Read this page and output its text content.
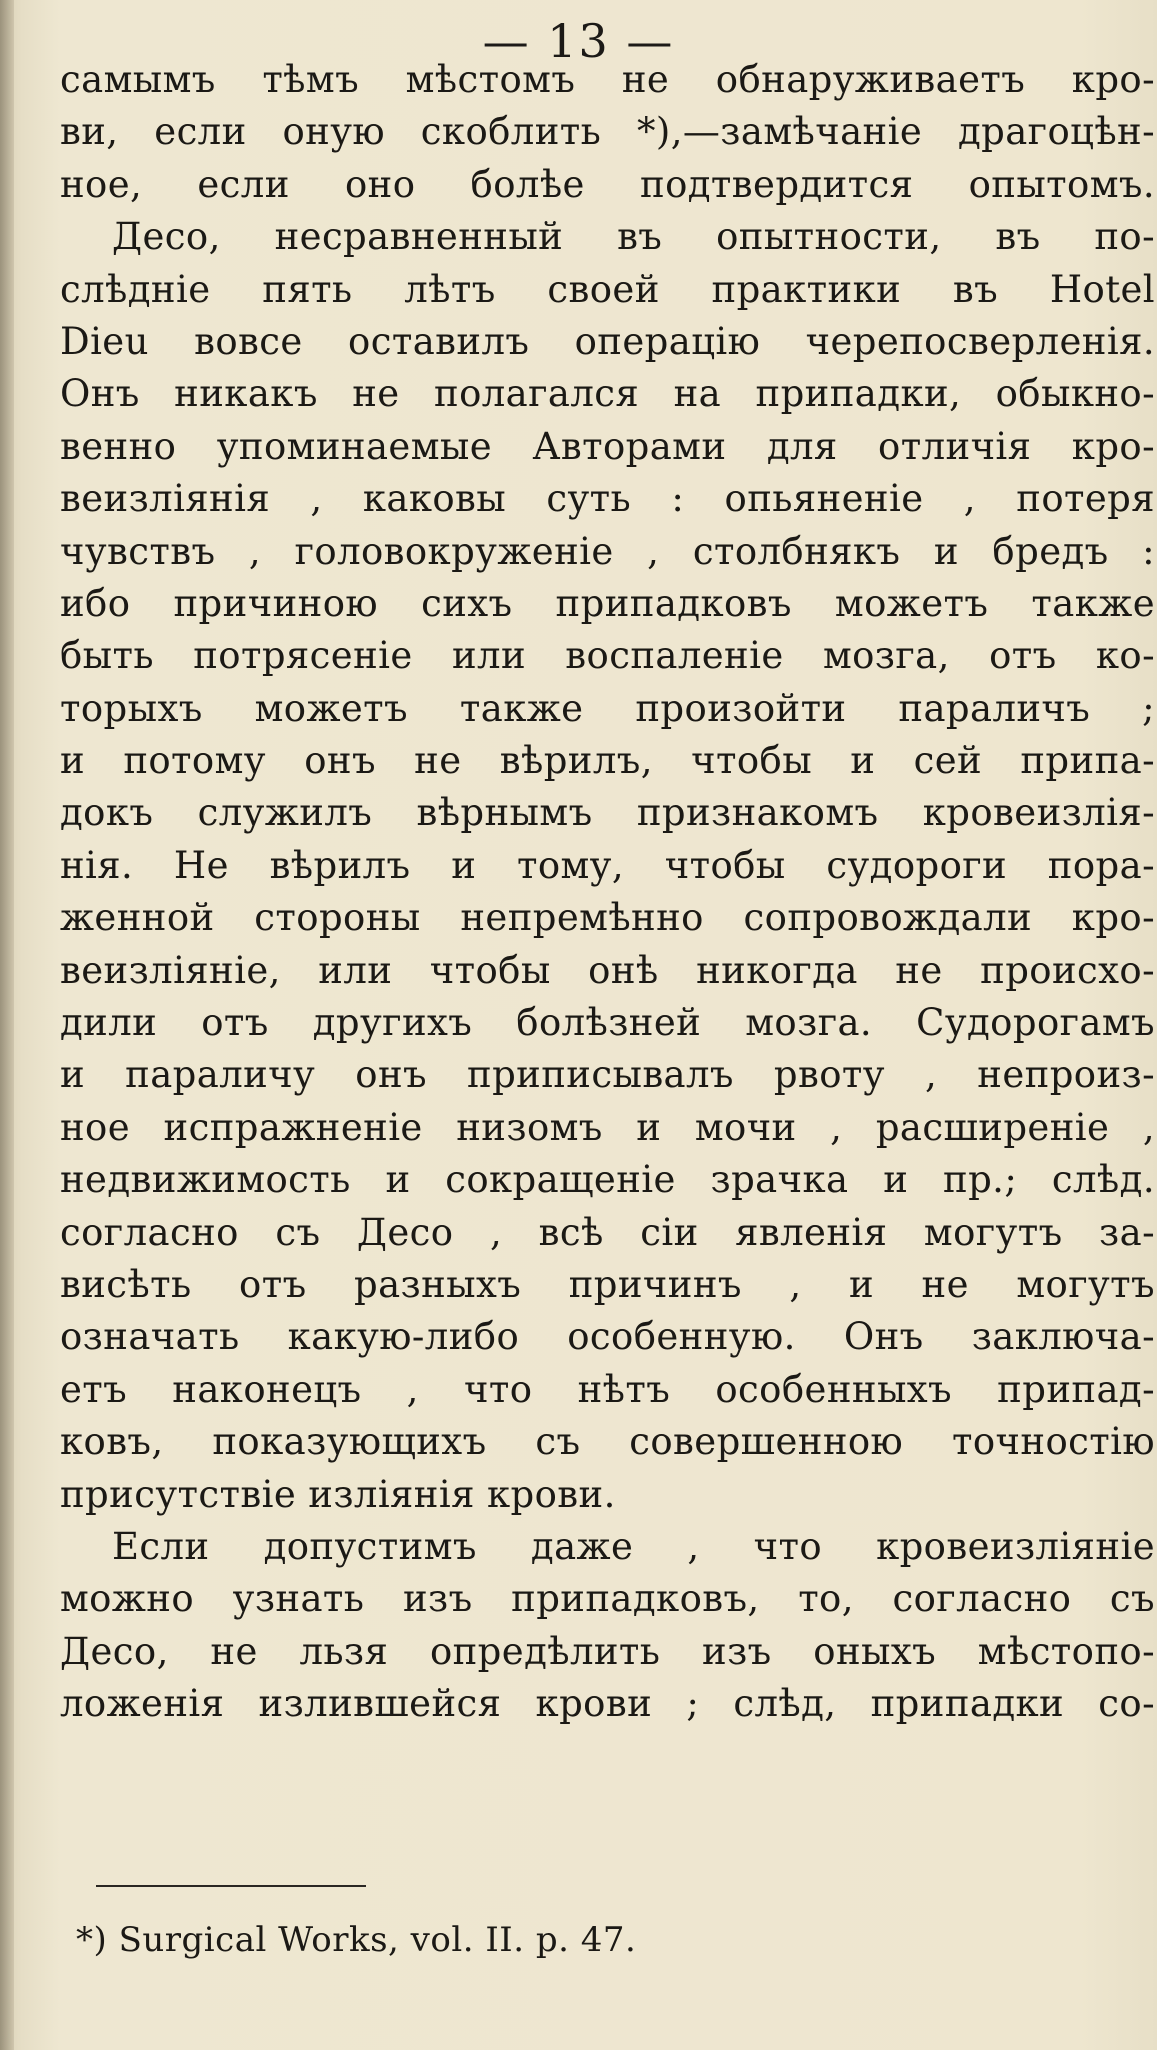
— 13 —
самымъ тѣмъ мѣстомъ не обнаруживаетъ кро-
ви, если оную скоблить *),—замѣчаніе драгоцѣн-
ное, если оно болѣе подтвердится опытомъ.
Десо, несравненный въ опытности, въ по-
слѣдніе пять лѣтъ своей практики въ Hotel
Dieu вовсе оставилъ операцію черепосверленія.
Онъ никакъ не полагался на припадки, обыкно-
венно упоминаемые Авторами для отличія кро-
веизліянія , каковы суть : опьяненіе , потеря
чувствъ , головокруженіе , столбнякъ и бредъ :
ибо причиною сихъ припадковъ можетъ также
быть потрясеніе или воспаленіе мозга, отъ ко-
торыхъ можетъ также произойти параличъ ;
и потому онъ не вѣрилъ, чтобы и сей припа-
докъ служилъ вѣрнымъ признакомъ кровеизлія-
нія. Не вѣрилъ и тому, чтобы судороги пора-
женной стороны непремѣнно сопровождали кро-
веизліяніе, или чтобы онѣ никогда не происхо-
дили отъ другихъ болѣзней мозга. Судорогамъ
и параличу онъ приписывалъ рвоту , непроиз-
ное испражненіе низомъ и мочи , расширеніе ,
недвижимость и сокращеніе зрачка и пр.; слѣд.
согласно съ Десо , всѣ сіи явленія могутъ за-
висѣть отъ разныхъ причинъ , и не могутъ
означать какую-либо особенную. Онъ заключа-
етъ наконецъ , что нѣтъ особенныхъ припад-
ковъ, показующихъ съ совершенною точностію
присутствіе изліянія крови.
Если допустимъ даже , что кровеизліяніе
можно узнать изъ припадковъ, то, согласно съ
Десо, не льзя опредѣлить изъ оныхъ мѣстопо-
ложенія излившейся крови ; слѣд, припадки со-
*) Surgical Works, vol. II. p. 47.
